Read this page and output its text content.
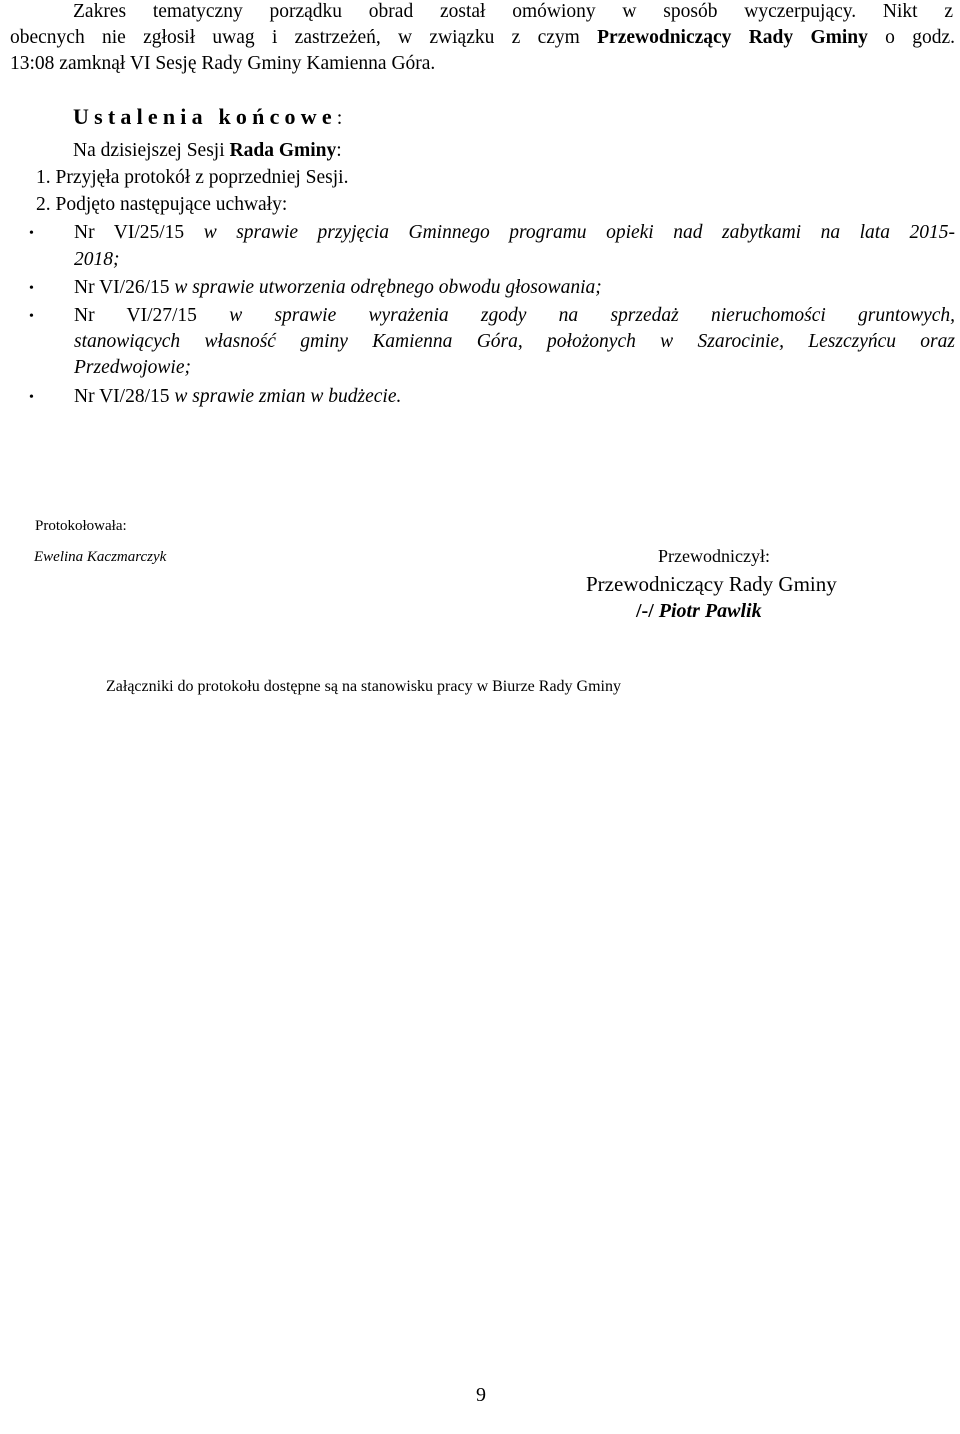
Zakres tematyczny porządku obrad został omówiony w sposób wyczerpujący. Nikt z
obecnych nie zgłosił uwag i zastrzeżeń, w związku z czym Przewodniczący Rady Gminy o godz.
13:08 zamknął VI Sesję Rady Gminy Kamienna Góra.
Ustalenia końcowe:
Na dzisiejszej Sesji Rada Gminy:
1. Przyjęła protokół z poprzedniej Sesji.
2. Podjęto następujące uchwały:
• Nr VI/25/15 w sprawie przyjęcia Gminnego programu opieki nad zabytkami na lata 2015-
2018;
• Nr VI/26/15 w sprawie utworzenia odrębnego obwodu głosowania;
• Nr VI/27/15 w sprawie wyrażenia zgody na sprzedaż nieruchomości gruntowych,
stanowiących własność gminy Kamienna Góra, położonych w Szarocinie, Leszczyńcu oraz
Przedwojowie;
• Nr VI/28/15 w sprawie zmian w budżecie.
Protokołowała:
Ewelina Kaczmarczyk	Przewodniczył:
Przewodniczący Rady Gminy
/-/ Piotr Pawlik
Załączniki do protokołu dostępne są na stanowisku pracy w Biurze Rady Gminy
9
